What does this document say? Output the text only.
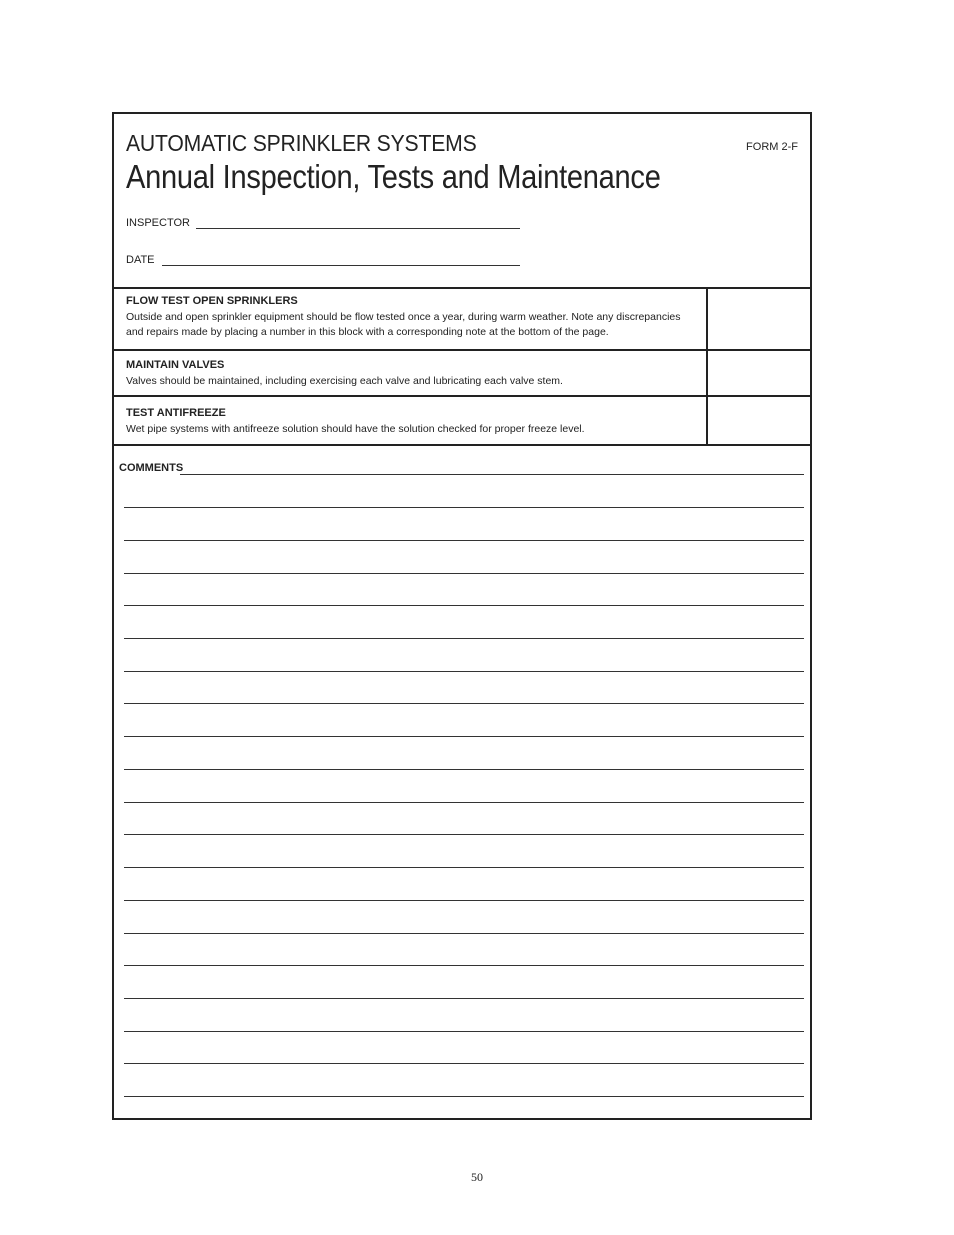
AUTOMATIC SPRINKLER SYSTEMS
Annual Inspection, Tests and Maintenance
FORM 2-F
INSPECTOR
DATE
FLOW TEST OPEN SPRINKLERS
Outside and open sprinkler equipment should be flow tested once a year, during warm weather. Note any discrepancies and repairs made by placing a number in this block with a corresponding note at the bottom of the page.
MAINTAIN VALVES
Valves should be maintained, including exercising each valve and lubricating each valve stem.
TEST ANTIFREEZE
Wet pipe systems with antifreeze solution should have the solution checked for proper freeze level.
COMMENTS
50
